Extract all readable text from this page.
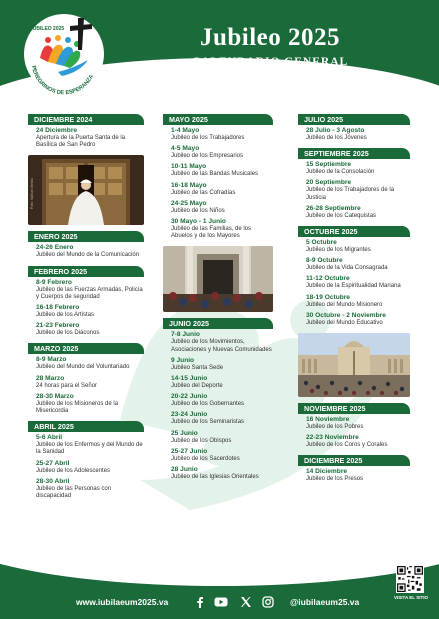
Jubileo 2025
CALENDARIO GENERAL
JUBILEO 2025
PEREGRINOS DE ESPERANZA
DICIEMBRE 2024
24 Diciembre
Apertura de la Puerta Santa de la Basílica de San Pedro
Foto: Vatican Media
ENERO 2025
24-26 Enero
Jubileo del Mundo de la Comunicación
FEBRERO 2025
8-9 Febrero
Jubileo de las Fuerzas Armadas, Policía y Cuerpos de seguridad
16-18 Febrero
Jubileo de los Artistas
21-23 Febrero
Jubileo de los Diáconos
MARZO 2025
8-9 Marzo
Jubileo del Mundo del Voluntariado
28 Marzo
24 horas para el Señor
28-30 Marzo
Jubileo de los Misioneros de la Misericordia
ABRIL 2025
5-6 Abril
Jubileo de los Enfermos y del Mundo de la Sanidad
25-27 Abril
Jubileo de los Adolescentes
28-30 Abril
Jubileo de las Personas con discapacidad
MAYO 2025
1-4 Mayo
Jubileo de los Trabajadores
4-5 Mayo
Jubileo de los Empresarios
10-11 Mayo
Jubileo de las Bandas Musicales
16-18 Mayo
Jubileo de las Cofradías
24-25 Mayo
Jubileo de los Niños
30 Mayo - 1 Junio
Jubileo de las Familias, de los Abuelos y de los Mayores
JUNIO 2025
7-8 Junio
Jubileo de los Movimientos, Asociaciones y Nuevas Comunidades
9 Junio
Jubileo Santa Sede
14-15 Junio
Jubileo del Deporte
20-22 Junio
Jubileo de los Gobernantes
23-24 Junio
Jubileo de los Seminaristas
25 Junio
Jubileo de los Obispos
25-27 Junio
Jubileo de los Sacerdotes
28 Junio
Jubileo de las Iglesias Orientales
JULIO 2025
28 Julio - 3 Agosto
Jubileo de los Jóvenes
SEPTIEMBRE 2025
15 Septiembre
Jubileo de la Consolación
20 Septiembre
Jubileo de los Trabajadores de la Justicia
26-28 Septiembre
Jubileo de los Catequistas
OCTUBRE 2025
5 Octubre
Jubileo de los Migrantes
8-9 Octubre
Jubileo de la Vida Consagrada
11-12 Octubre
Jubileo de la Espiritualidad Mariana
18-19 Octubre
Jubileo del Mundo Misionero
30 Octubre - 2 Noviembre
Jubileo del Mundo Educativo
NOVIEMBRE 2025
16 Noviembre
Jubileo de los Pobres
22-23 Noviembre
Jubileo de los Coros y Corales
DICIEMBRE 2025
14 Diciembre
Jubileo de los Presos
www.iubilaeum2025.va	@iubilaeum25.va	VISITA EL SITIO
